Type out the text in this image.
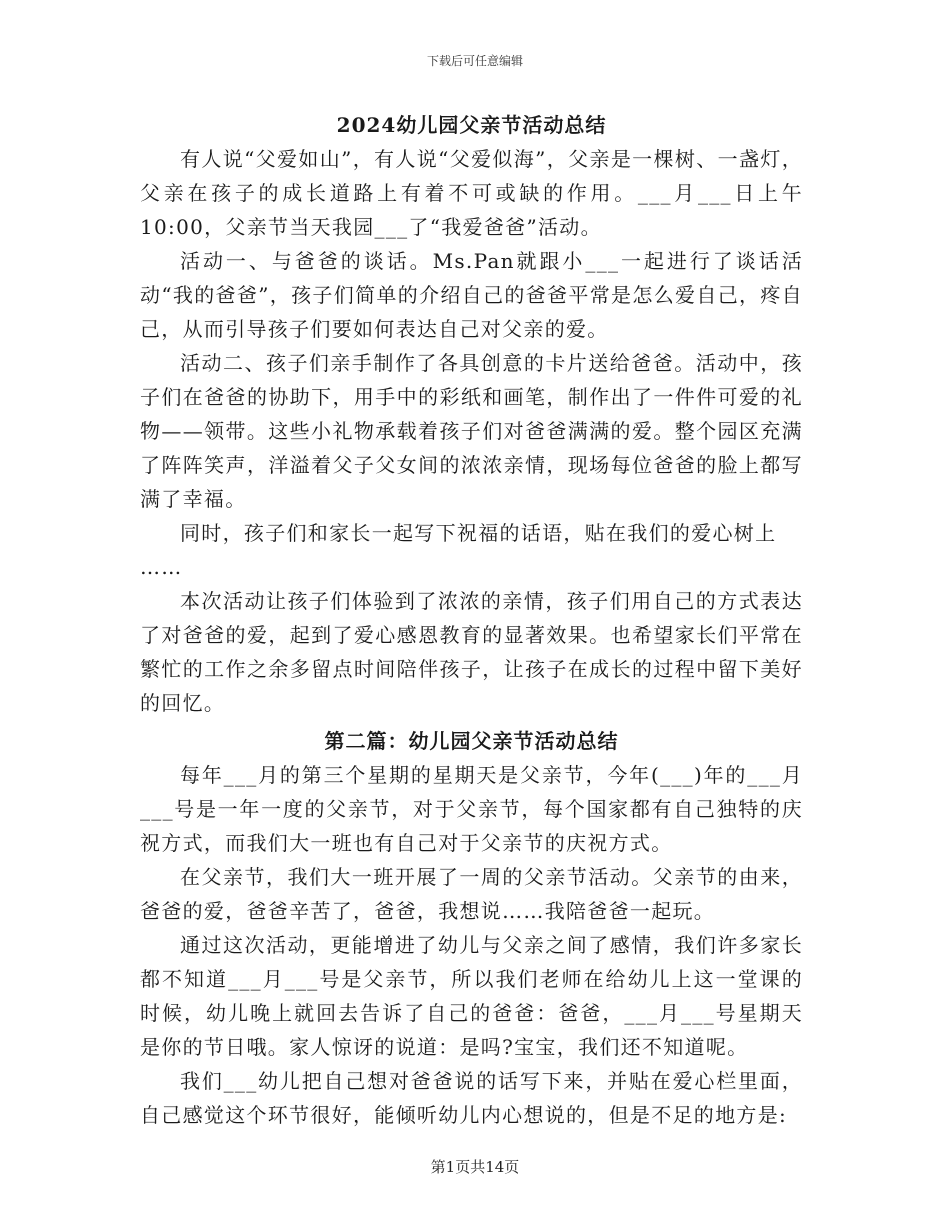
下载后可任意编辑
2024幼儿园父亲节活动总结

有人说“父爱如山”，有人说“父爱似海”，父亲是一棵树、一盏灯，父亲在孩子的成长道路上有着不可或缺的作用。___月___日上午10:00，父亲节当天我园___了“我爱爸爸”活动。

活动一、与爸爸的谈话。Ms.Pan就跟小___一起进行了谈话活动“我的爸爸”，孩子们简单的介绍自己的爸爸平常是怎么爱自己，疼自己，从而引导孩子们要如何表达自己对父亲的爱。

活动二、孩子们亲手制作了各具创意的卡片送给爸爸。活动中，孩子们在爸爸的协助下，用手中的彩纸和画笔，制作出了一件件可爱的礼物——领带。这些小礼物承载着孩子们对爸爸满满的爱。整个园区充满了阵阵笑声，洋溢着父子父女间的浓浓亲情，现场每位爸爸的脸上都写满了幸福。

同时，孩子们和家长一起写下祝福的话语，贴在我们的爱心树上

……

本次活动让孩子们体验到了浓浓的亲情，孩子们用自己的方式表达了对爸爸的爱，起到了爱心感恩教育的显著效果。也希望家长们平常在繁忙的工作之余多留点时间陪伴孩子，让孩子在成长的过程中留下美好的回忆。

第二篇：幼儿园父亲节活动总结

每年___月的第三个星期的星期天是父亲节，今年(___)年的___月___号是一年一度的父亲节，对于父亲节，每个国家都有自己独特的庆祝方式，而我们大一班也有自己对于父亲节的庆祝方式。

在父亲节，我们大一班开展了一周的父亲节活动。父亲节的由来，爸爸的爱，爸爸辛苦了，爸爸，我想说……我陪爸爸一起玩。

通过这次活动，更能增进了幼儿与父亲之间了感情，我们许多家长都不知道___月___号是父亲节，所以我们老师在给幼儿上这一堂课的时候，幼儿晚上就回去告诉了自己的爸爸：爸爸，___月___号星期天是你的节日哦。家人惊讶的说道：是吗?宝宝，我们还不知道呢。

我们___幼儿把自己想对爸爸说的话写下来，并贴在爱心栏里面，自己感觉这个环节很好，能倾听幼儿内心想说的，但是不足的地方是:

第1页共14页
